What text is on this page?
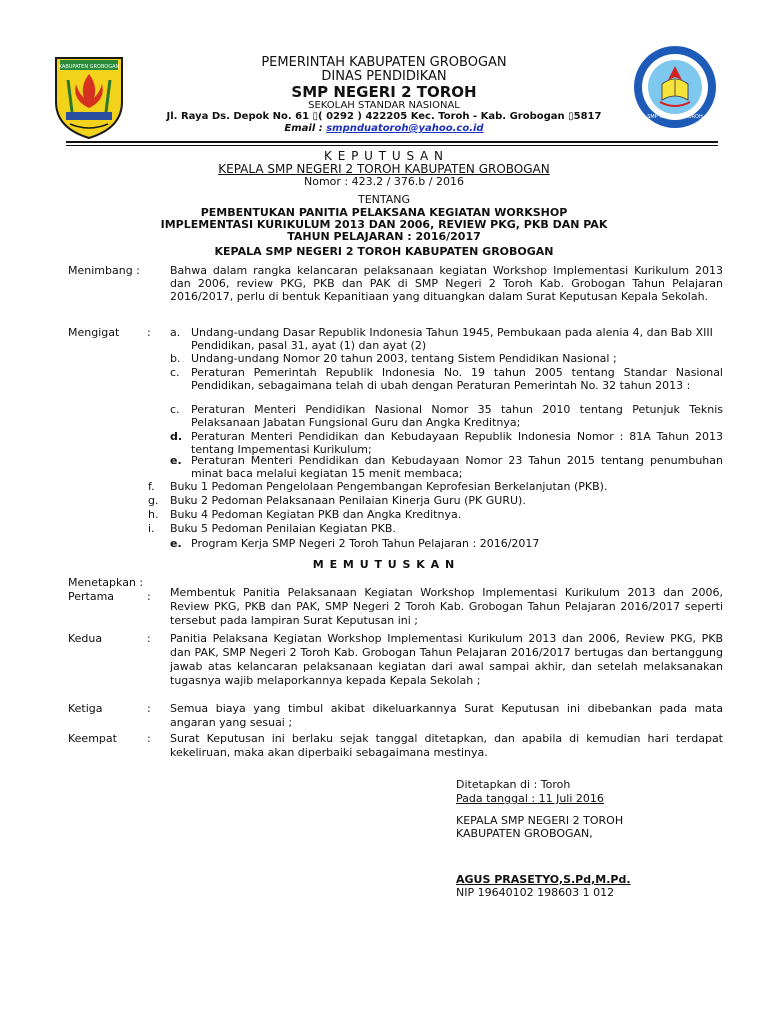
KABUPATEN GROBOGAN
SMP NEGERI 2 TOROH
PEMERINTAH KABUPATEN GROBOGAN
DINAS PENDIDIKAN
SMP NEGERI 2 TOROH
SEKOLAH STANDAR NASIONAL
Jl. Raya Ds. Depok No. 61 ▯( 0292 ) 422205 Kec. Toroh - Kab. Grobogan ▯5817
Email : smpnduatoroh@yahoo.co.id
K E P U T U S A N
KEPALA SMP NEGERI 2 TOROH KABUPATEN GROBOGAN
Nomor : 423.2 / 376.b / 2016
TENTANG
PEMBENTUKAN PANITIA PELAKSANA KEGIATAN WORKSHOP
IMPLEMENTASI KURIKULUM 2013 DAN 2006, REVIEW PKG, PKB DAN PAK
TAHUN PELAJARAN : 2016/2017
KEPALA SMP NEGERI 2 TOROH KABUPATEN GROBOGAN
Menimbang :	Bahwa dalam rangka kelancaran pelaksanaan kegiatan Workshop Implementasi Kurikulum 2013 dan 2006, review PKG, PKB dan PAK di SMP Negeri 2 Toroh Kab. Grobogan Tahun Pelajaran 2016/2017, perlu di bentuk Kepanitiaan yang dituangkan dalam Surat Keputusan Kepala Sekolah.
Mengigat	: a. Undang-undang Dasar Republik Indonesia Tahun 1945, Pembukaan pada alenia 4, dan Bab XIII Pendidikan, pasal 31, ayat (1) dan ayat (2)
b. Undang-undang Nomor 20 tahun 2003, tentang Sistem Pendidikan Nasional ;
c. Peraturan Pemerintah Republik Indonesia No. 19 tahun 2005 tentang Standar Nasional Pendidikan, sebagaimana telah di ubah dengan Peraturan Pemerintah No. 32 tahun 2013 :
c. Peraturan Menteri Pendidikan Nasional Nomor 35 tahun 2010 tentang Petunjuk Teknis Pelaksanaan Jabatan Fungsional Guru dan Angka Kreditnya;
d. Peraturan Menteri Pendidikan dan Kebudayaan Republik Indonesia Nomor : 81A Tahun 2013 tentang Impementasi Kurikulum;
e. Peraturan Menteri Pendidikan dan Kebudayaan Nomor 23 Tahun 2015 tentang penumbuhan minat baca melalui kegiatan 15 menit membaca;
f. Buku 1 Pedoman Pengelolaan Pengembangan Keprofesian Berkelanjutan (PKB).
g. Buku 2 Pedoman Pelaksanaan Penilaian Kinerja Guru (PK GURU).
h. Buku 4 Pedoman Kegiatan PKB dan Angka Kreditnya.
i. Buku 5 Pedoman Penilaian Kegiatan PKB.
e. Program Kerja SMP Negeri 2 Toroh Tahun Pelajaran : 2016/2017
M E M U T U S K A N
Menetapkan :
Pertama	: Membentuk Panitia Pelaksanaan Kegiatan Workshop Implementasi Kurikulum 2013 dan 2006, Review PKG, PKB dan PAK, SMP Negeri 2 Toroh Kab. Grobogan Tahun Pelajaran 2016/2017 seperti tersebut pada lampiran Surat Keputusan ini ;
Kedua	: Panitia Pelaksana Kegiatan Workshop Implementasi Kurikulum 2013 dan 2006, Review PKG, PKB dan PAK, SMP Negeri 2 Toroh Kab. Grobogan Tahun Pelajaran 2016/2017 bertugas dan bertanggung jawab atas kelancaran pelaksanaan kegiatan dari awal sampai akhir, dan setelah melaksanakan tugasnya wajib melaporkannya kepada Kepala Sekolah ;
Ketiga	: Semua biaya yang timbul akibat dikeluarkannya Surat Keputusan ini dibebankan pada mata angaran yang sesuai ;
Keempat	: Surat Keputusan ini berlaku sejak tanggal ditetapkan, dan apabila di kemudian hari terdapat kekeliruan, maka akan diperbaiki sebagaimana mestinya.
Ditetapkan di : Toroh
Pada tanggal : 11 Juli 2016
KEPALA SMP NEGERI 2 TOROH
KABUPATEN GROBOGAN,
AGUS PRASETYO,S.Pd,M.Pd.
NIP 19640102 198603 1 012
